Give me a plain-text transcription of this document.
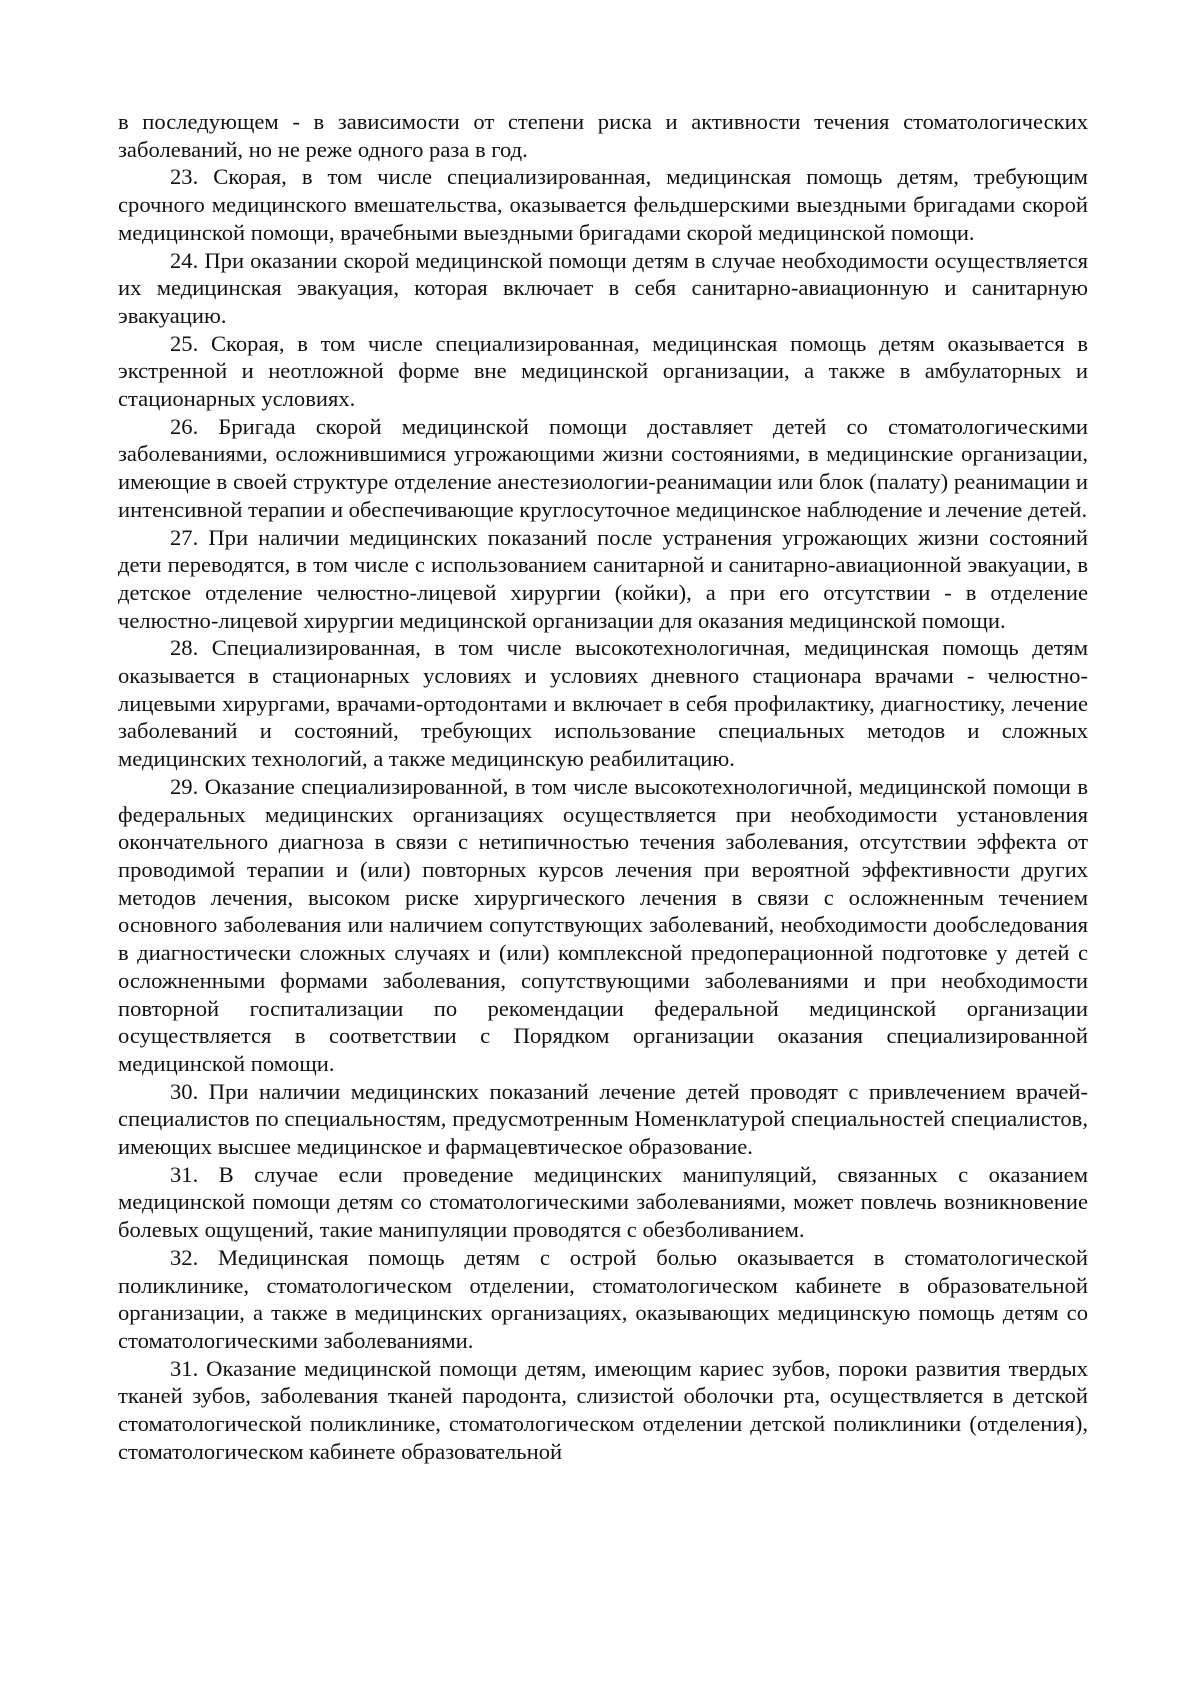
в последующем - в зависимости от степени риска и активности течения стоматологических заболеваний, но не реже одного раза в год.

23. Скорая, в том числе специализированная, медицинская помощь детям, требующим срочного медицинского вмешательства, оказывается фельдшерскими выездными бригадами скорой медицинской помощи, врачебными выездными бригадами скорой медицинской помощи.

24. При оказании скорой медицинской помощи детям в случае необходимости осуществляется их медицинская эвакуация, которая включает в себя санитарно-авиационную и санитарную эвакуацию.

25. Скорая, в том числе специализированная, медицинская помощь детям оказывается в экстренной и неотложной форме вне медицинской организации, а также в амбулаторных и стационарных условиях.

26. Бригада скорой медицинской помощи доставляет детей со стоматологическими заболеваниями, осложнившимися угрожающими жизни состояниями, в медицинские организации, имеющие в своей структуре отделение анестезиологии-реанимации или блок (палату) реанимации и интенсивной терапии и обеспечивающие круглосуточное медицинское наблюдение и лечение детей.

27. При наличии медицинских показаний после устранения угрожающих жизни состояний дети переводятся, в том числе с использованием санитарной и санитарно-авиационной эвакуации, в детское отделение челюстно-лицевой хирургии (койки), а при его отсутствии - в отделение челюстно-лицевой хирургии медицинской организации для оказания медицинской помощи.

28. Специализированная, в том числе высокотехнологичная, медицинская помощь детям оказывается в стационарных условиях и условиях дневного стационара врачами - челюстно-лицевыми хирургами, врачами-ортодонтами и включает в себя профилактику, диагностику, лечение заболеваний и состояний, требующих использование специальных методов и сложных медицинских технологий, а также медицинскую реабилитацию.

29. Оказание специализированной, в том числе высокотехнологичной, медицинской помощи в федеральных медицинских организациях осуществляется при необходимости установления окончательного диагноза в связи с нетипичностью течения заболевания, отсутствии эффекта от проводимой терапии и (или) повторных курсов лечения при вероятной эффективности других методов лечения, высоком риске хирургического лечения в связи с осложненным течением основного заболевания или наличием сопутствующих заболеваний, необходимости дообследования в диагностически сложных случаях и (или) комплексной предоперационной подготовке у детей с осложненными формами заболевания, сопутствующими заболеваниями и при необходимости повторной госпитализации по рекомендации федеральной медицинской организации осуществляется в соответствии с Порядком организации оказания специализированной медицинской помощи.

30. При наличии медицинских показаний лечение детей проводят с привлечением врачей-специалистов по специальностям, предусмотренным Номенклатурой специальностей специалистов, имеющих высшее медицинское и фармацевтическое образование.

31. В случае если проведение медицинских манипуляций, связанных с оказанием медицинской помощи детям со стоматологическими заболеваниями, может повлечь возникновение болевых ощущений, такие манипуляции проводятся с обезболиванием.

32. Медицинская помощь детям с острой болью оказывается в стоматологической поликлинике, стоматологическом отделении, стоматологическом кабинете в образовательной организации, а также в медицинских организациях, оказывающих медицинскую помощь детям со стоматологическими заболеваниями.

31. Оказание медицинской помощи детям, имеющим кариес зубов, пороки развития твердых тканей зубов, заболевания тканей пародонта, слизистой оболочки рта, осуществляется в детской стоматологической поликлинике, стоматологическом отделении детской поликлиники (отделения), стоматологическом кабинете образовательной
